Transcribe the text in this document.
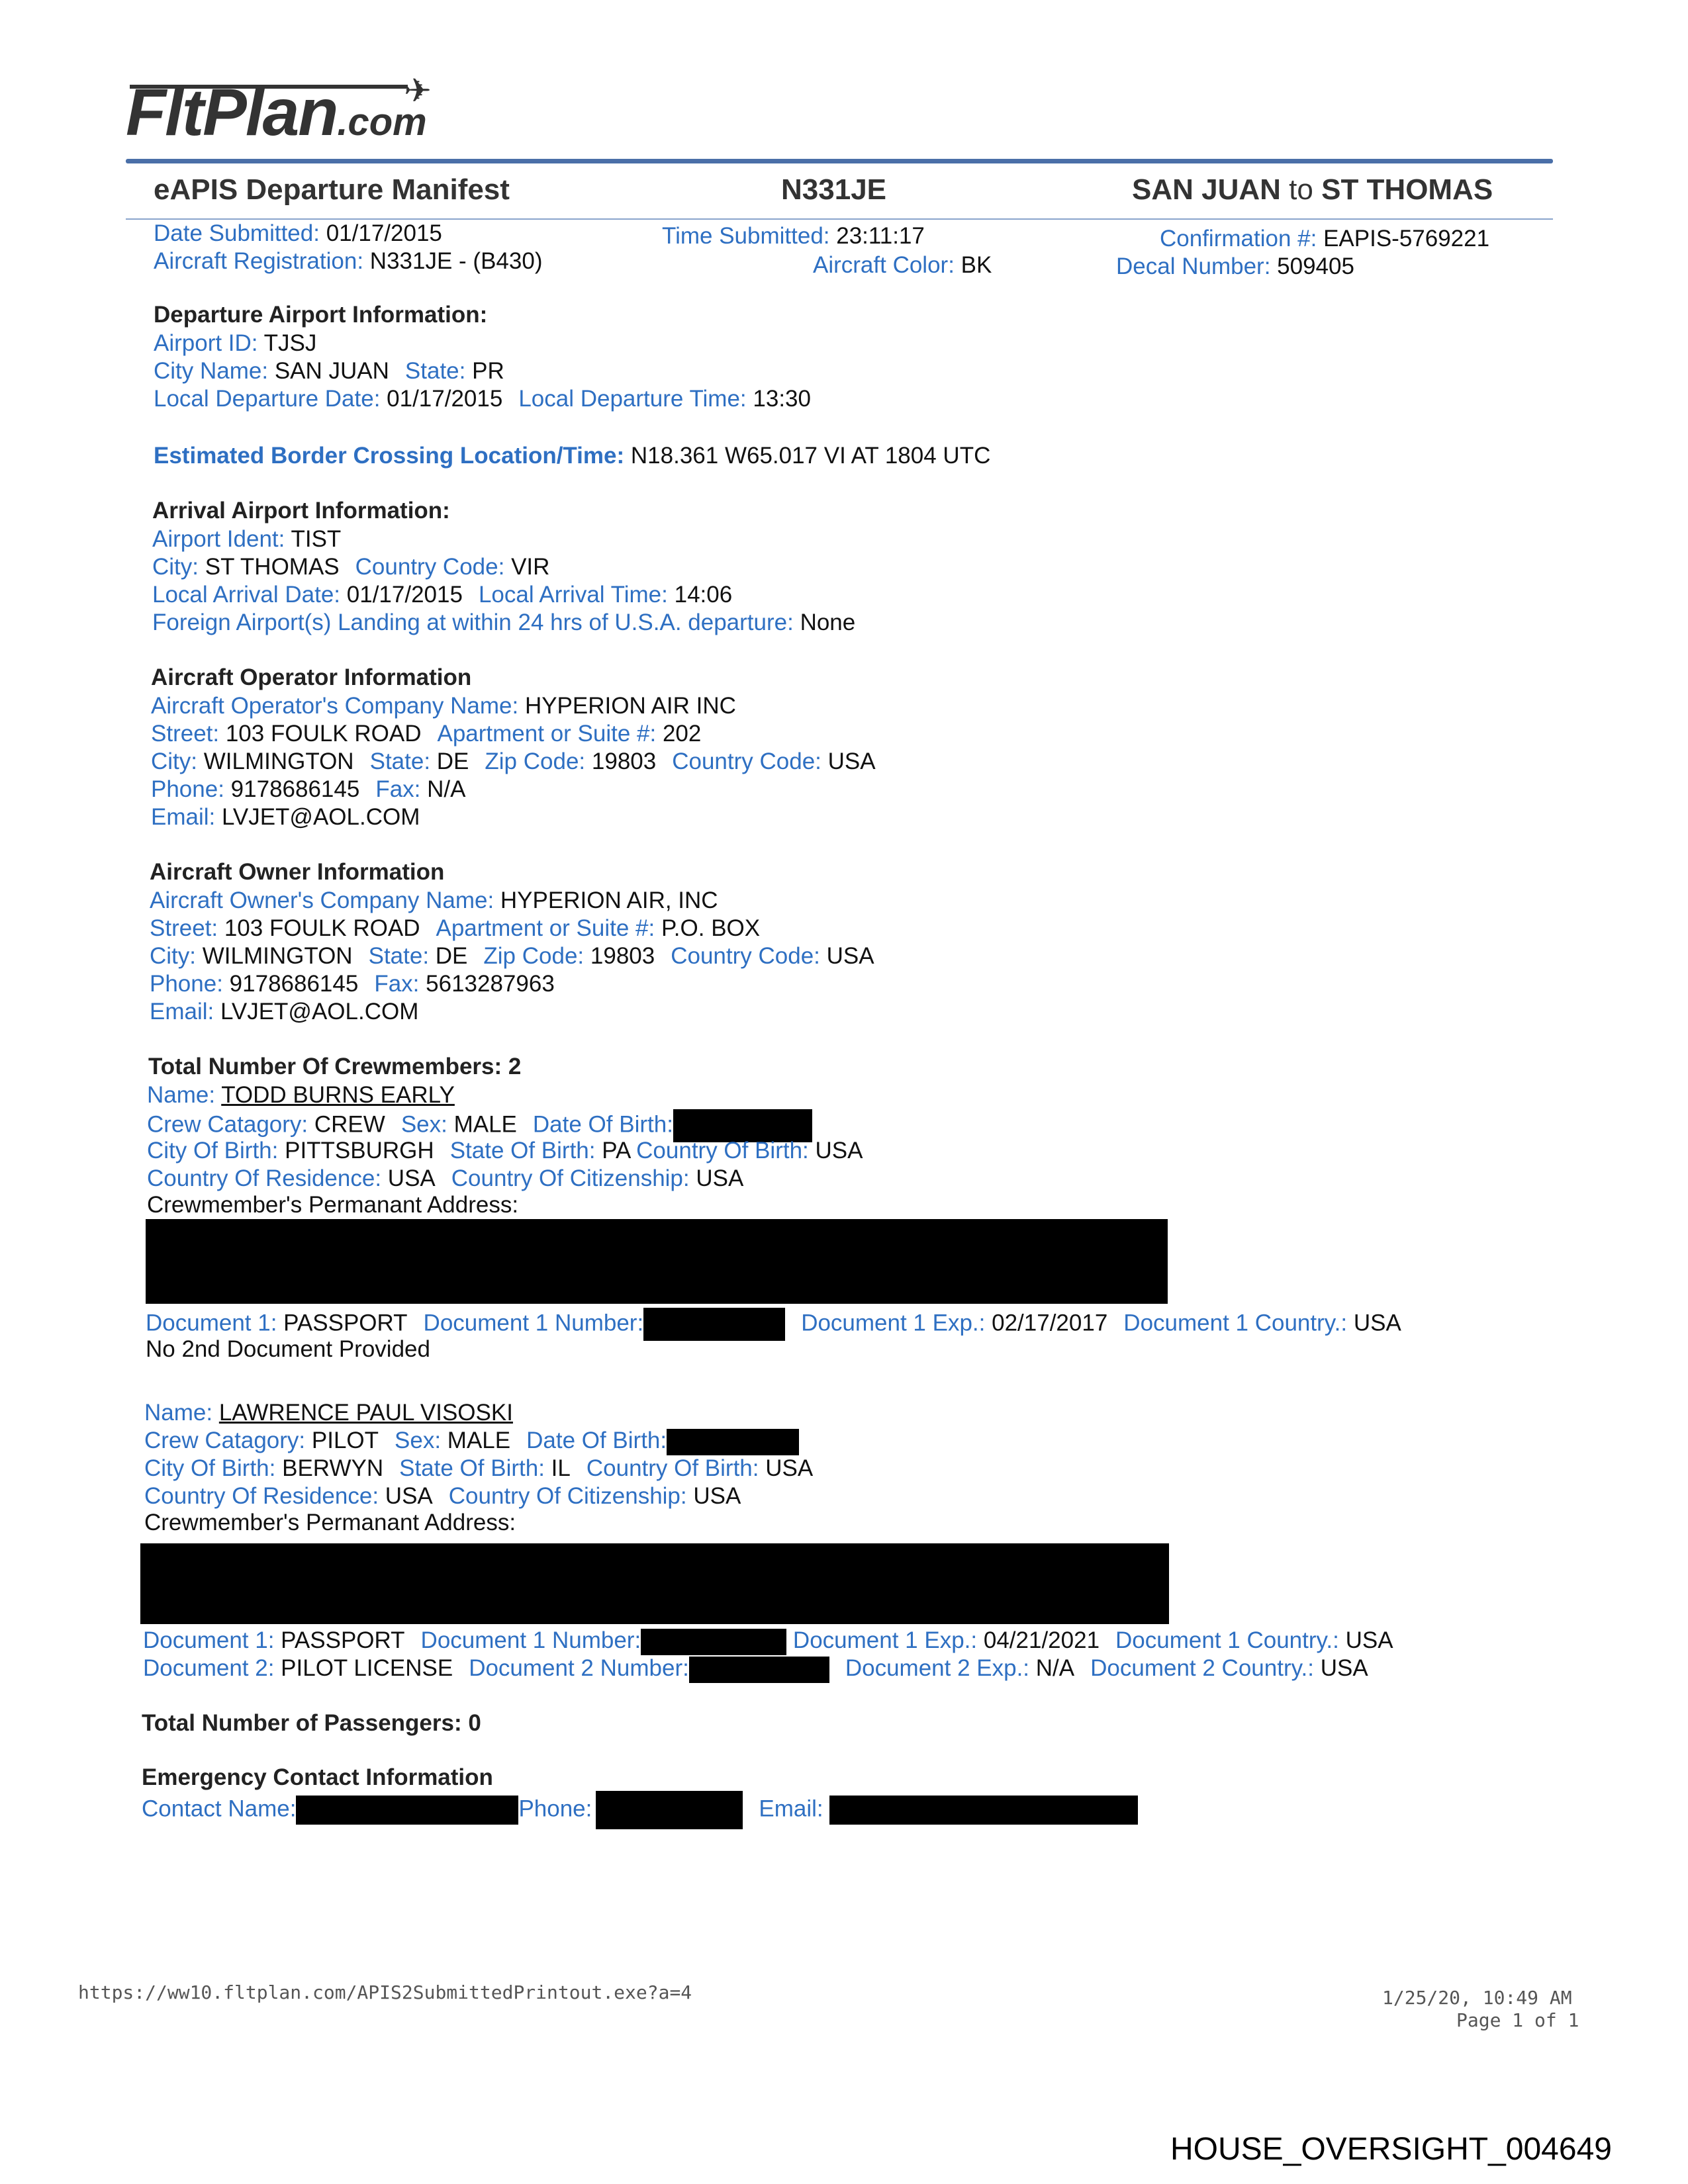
✈
FltPlan.com
eAPIS Departure Manifest	N331JE	SAN JUAN to ST THOMAS
Date Submitted: 01/17/2015	Time Submitted: 23:11:17	Confirmation #: EAPIS-5769221
Aircraft Registration: N331JE - (B430)	Aircraft Color: BK	Decal Number: 509405
Departure Airport Information:
Airport ID: TJSJ
City Name: SAN JUAN State: PR
Local Departure Date: 01/17/2015 Local Departure Time: 13:30
Estimated Border Crossing Location/Time: N18.361 W65.017 VI AT 1804 UTC
Arrival Airport Information:
Airport Ident: TIST
City: ST THOMAS Country Code: VIR
Local Arrival Date: 01/17/2015 Local Arrival Time: 14:06
Foreign Airport(s) Landing at within 24 hrs of U.S.A. departure: None
Aircraft Operator Information
Aircraft Operator's Company Name: HYPERION AIR INC
Street: 103 FOULK ROAD Apartment or Suite #: 202
City: WILMINGTON State: DE Zip Code: 19803 Country Code: USA
Phone: 9178686145 Fax: N/A
Email: LVJET@AOL.COM
Aircraft Owner Information
Aircraft Owner's Company Name: HYPERION AIR, INC
Street: 103 FOULK ROAD Apartment or Suite #: P.O. BOX
City: WILMINGTON State: DE Zip Code: 19803 Country Code: USA
Phone: 9178686145 Fax: 5613287963
Email: LVJET@AOL.COM
Total Number Of Crewmembers: 2
Name: TODD BURNS EARLY
Crew Catagory: CREW Sex: MALE Date Of Birth:
City Of Birth: PITTSBURGH State Of Birth: PA Country Of Birth: USA
Country Of Residence: USA Country Of Citizenship: USA
Crewmember's Permanant Address:
Document 1: PASSPORT Document 1 Number:	Document 1 Exp.: 02/17/2017 Document 1 Country.: USA
No 2nd Document Provided
Name: LAWRENCE PAUL VISOSKI
Crew Catagory: PILOT Sex: MALE Date Of Birth:
City Of Birth: BERWYN State Of Birth: IL Country Of Birth: USA
Country Of Residence: USA Country Of Citizenship: USA
Crewmember's Permanant Address:
Document 1: PASSPORT Document 1 Number:	Document 1 Exp.: 04/21/2021 Document 1 Country.: USA
Document 2: PILOT LICENSE Document 2 Number:	Document 2 Exp.: N/A Document 2 Country.: USA
Total Number of Passengers: 0
Emergency Contact Information
Contact Name:	Phone:	Email:
https://ww10.fltplan.com/APIS2SubmittedPrintout.exe?a=4	1/25/20, 10:49 AM
Page 1 of 1
HOUSE_OVERSIGHT_004649
